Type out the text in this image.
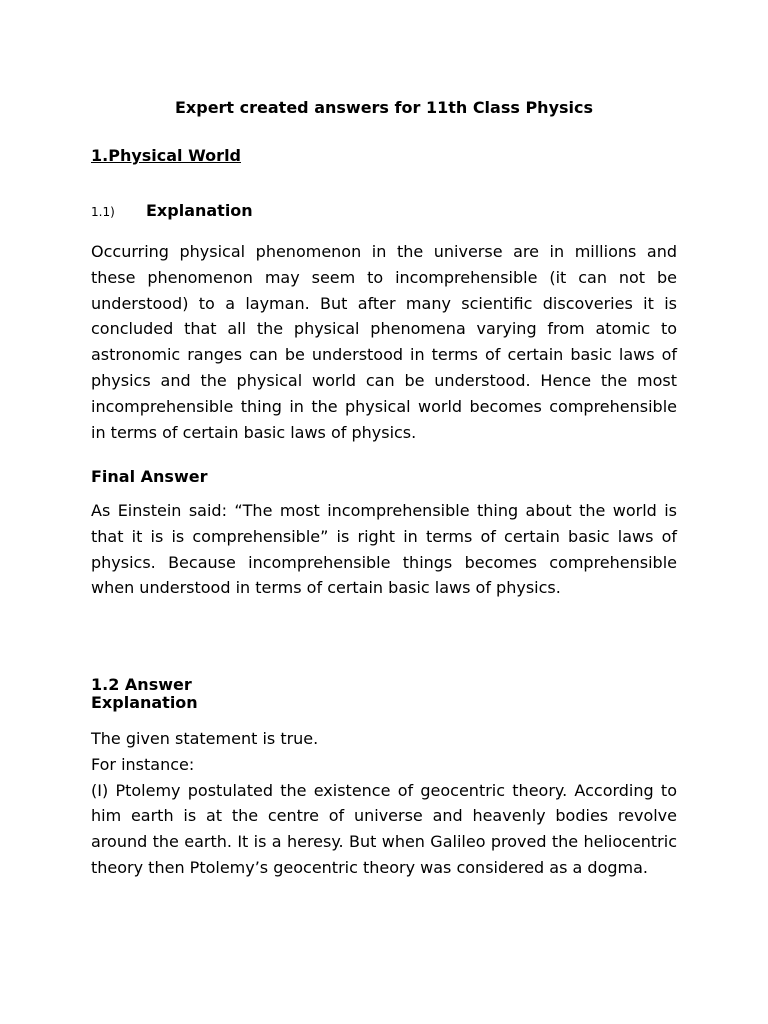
Expert created answers for 11th Class Physics
1.Physical World
1.1) Explanation

Occurring physical phenomenon in the universe are in millions and these phenomenon may seem to incomprehensible (it can not be understood) to a layman. But after many scientific discoveries it is concluded that all the physical phenomena varying from atomic to astronomic ranges can be understood in terms of certain basic laws of physics and the physical world can be understood. Hence the most incomprehensible thing in the physical world becomes comprehensible in terms of certain basic laws of physics.

Final Answer

As Einstein said: “The most incomprehensible thing about the world is that it is is comprehensible” is right in terms of certain basic laws of physics. Because incomprehensible things becomes comprehensible when understood in terms of certain basic laws of physics.

1.2 Answer
Explanation
The given statement is true.
For instance:
(I) Ptolemy postulated the existence of geocentric theory. According to him earth is at the centre of universe and heavenly bodies revolve around the earth. It is a heresy. But when Galileo proved the heliocentric theory then Ptolemy’s geocentric theory was considered as a dogma.
